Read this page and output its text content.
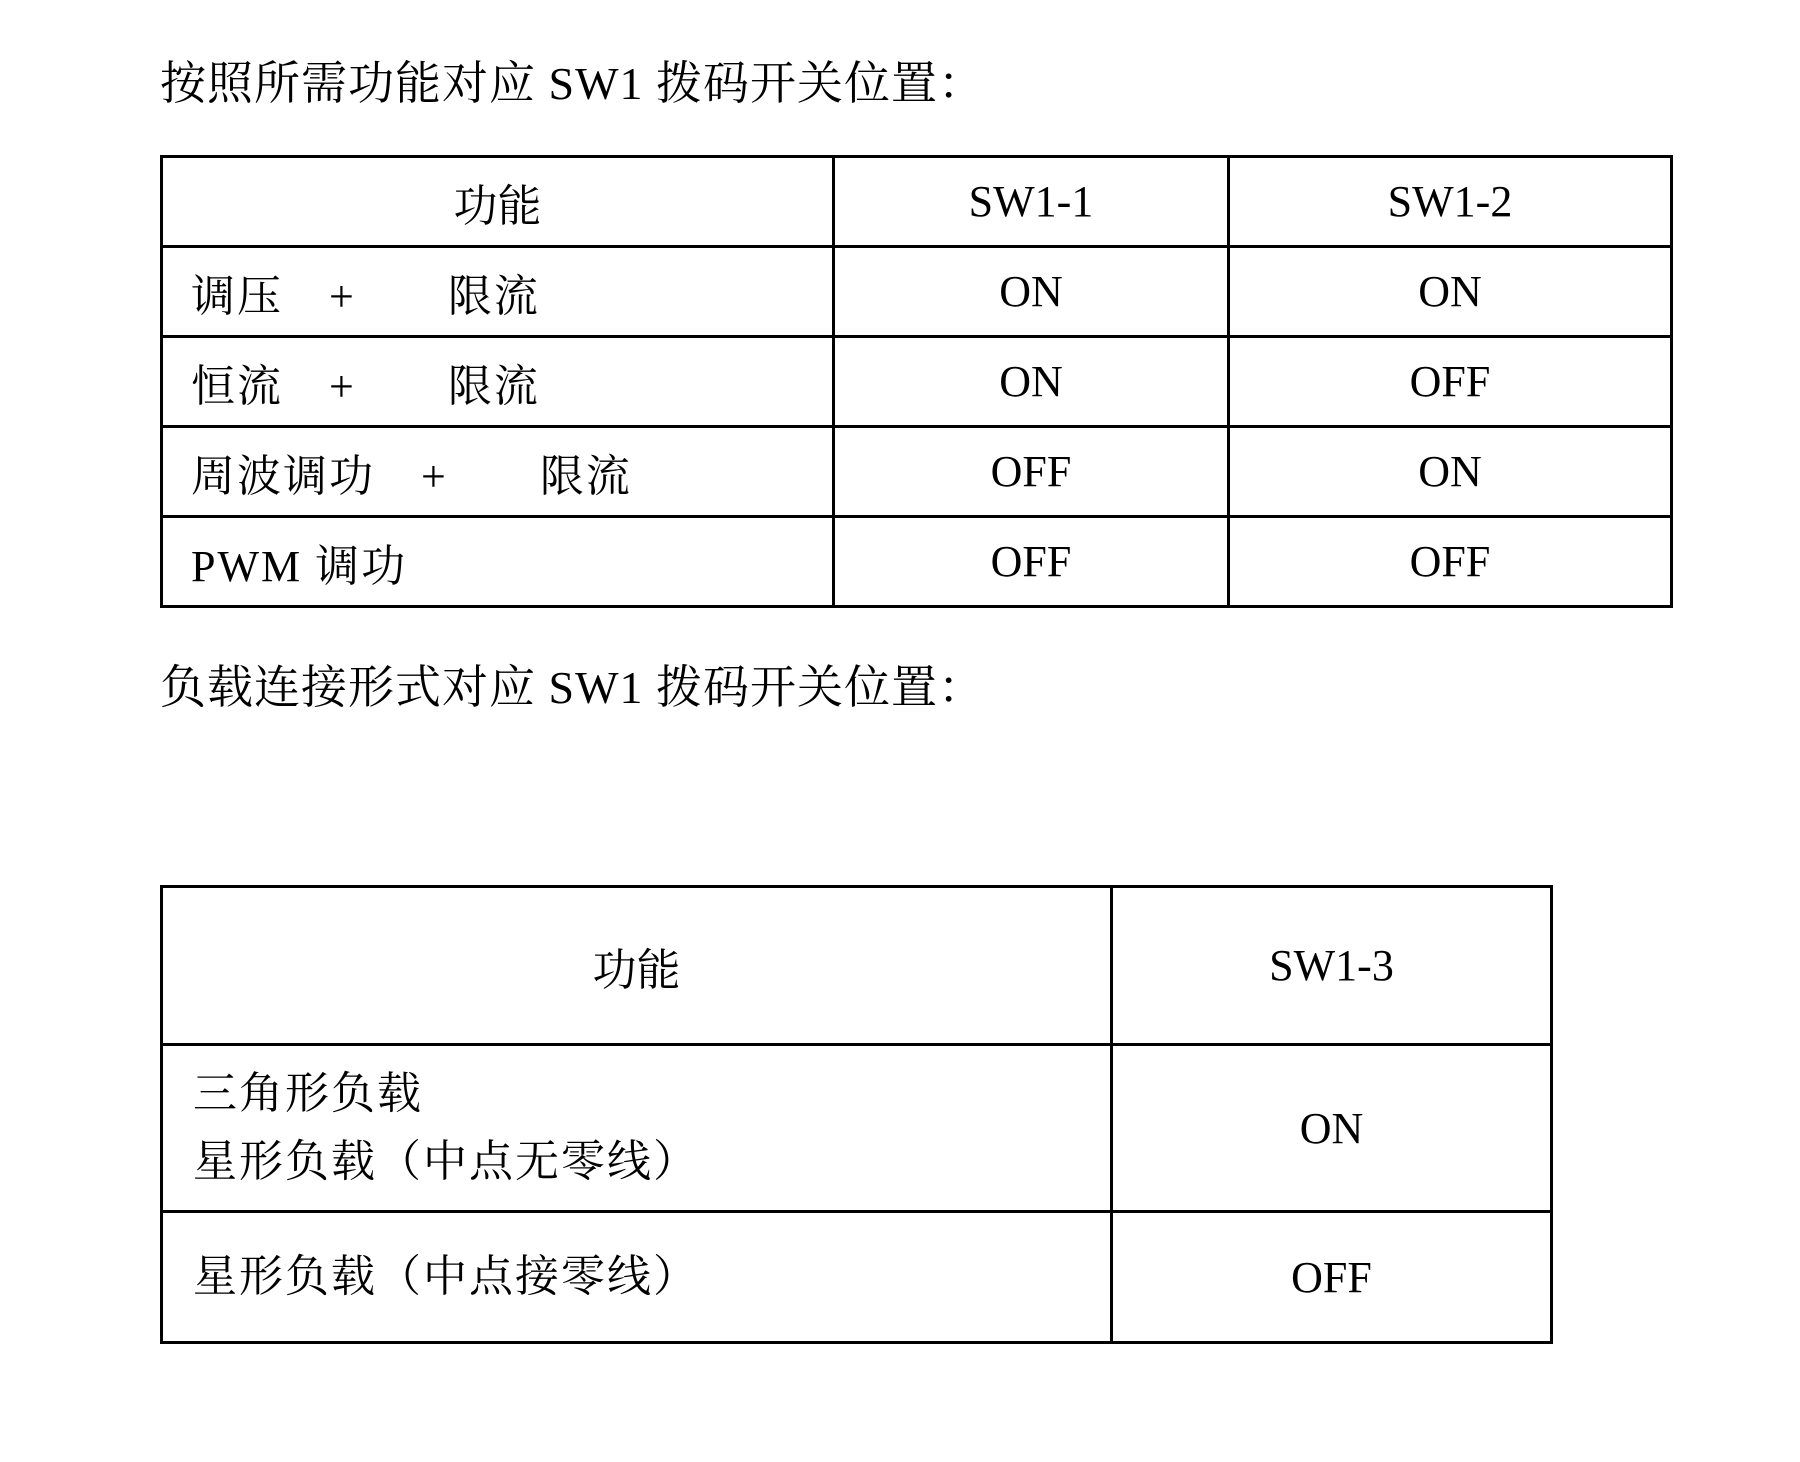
按照所需功能对应 SW1 拨码开关位置：
功能	SW1-1	SW1-2
调压　+　　限流	ON	ON
恒流　+　　限流	ON	OFF
周波调功　+　　限流	OFF	ON
PWM 调功	OFF	OFF
负载连接形式对应 SW1 拨码开关位置：
功能	SW1-3

三角形负载
星形负载（中点无零线）	ON

星形负载（中点接零线）	OFF
